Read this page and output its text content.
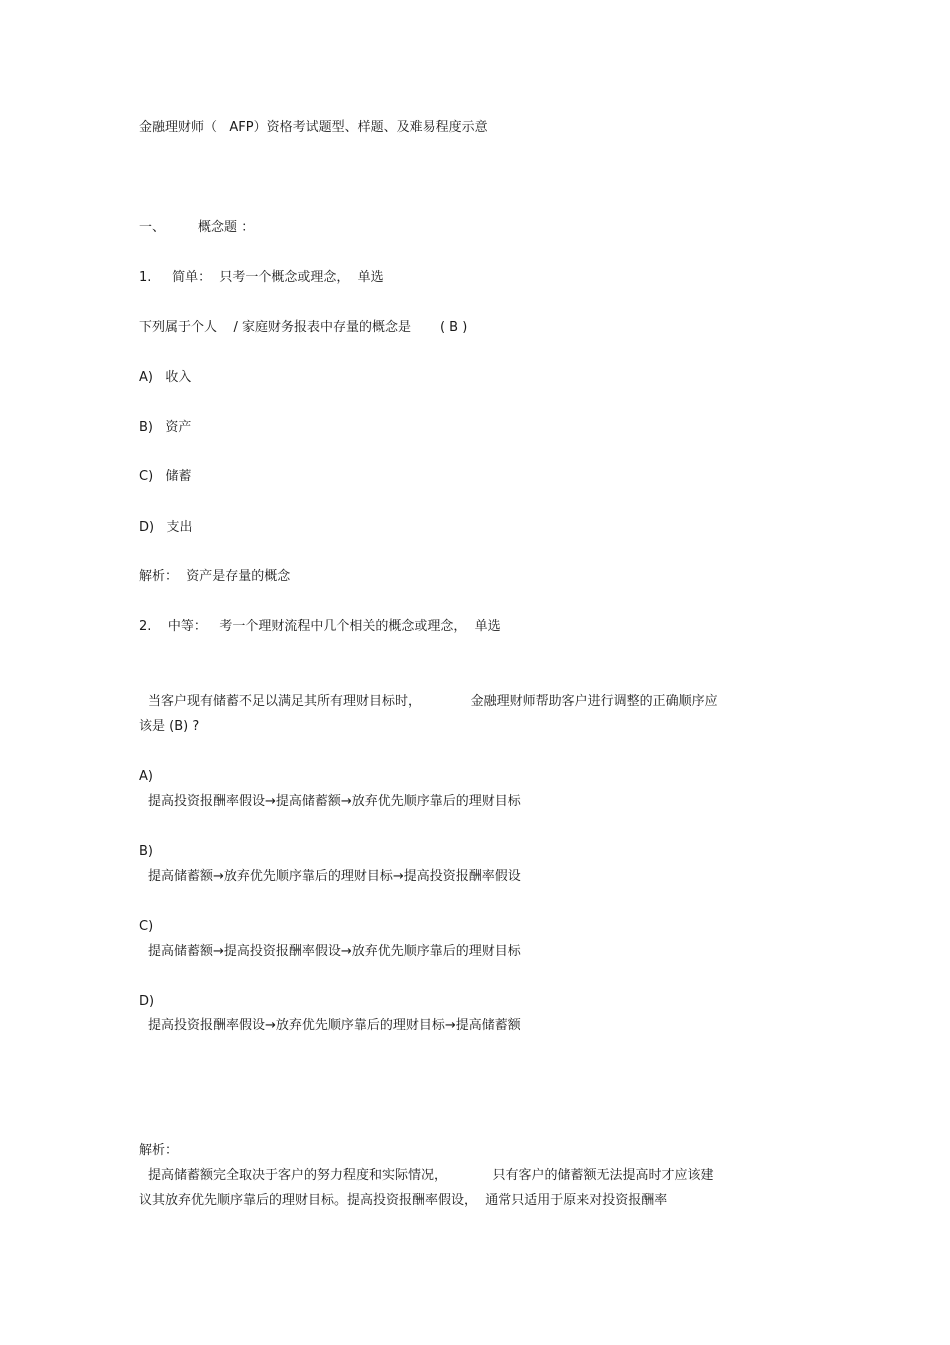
金融理财师（   AFP）资格考试题型、样题、及难易程度示意
一、        概念题 ：
1.     简单：  只考一个概念或理念，  单选
下列属于个人    / 家庭财务报表中存量的概念是       ( B )
A)   收入
B)   资产
C)   储蓄
D)   支出
解析：  资产是存量的概念
2.    中等：   考一个理财流程中几个相关的概念或理念，  单选
当客户现有储蓄不足以满足其所有理财目标时，            金融理财师帮助客户进行调整的正确顺序应
该是 (B) ?
A)
提高投资报酬率假设→提高储蓄额→放弃优先顺序靠后的理财目标
B)
提高储蓄额→放弃优先顺序靠后的理财目标→提高投资报酬率假设
C)
提高储蓄额→提高投资报酬率假设→放弃优先顺序靠后的理财目标
D)
提高投资报酬率假设→放弃优先顺序靠后的理财目标→提高储蓄额
解析：
提高储蓄额完全取决于客户的努力程度和实际情况，           只有客户的储蓄额无法提高时才应该建
议其放弃优先顺序靠后的理财目标。提高投资报酬率假设，  通常只适用于原来对投资报酬率
